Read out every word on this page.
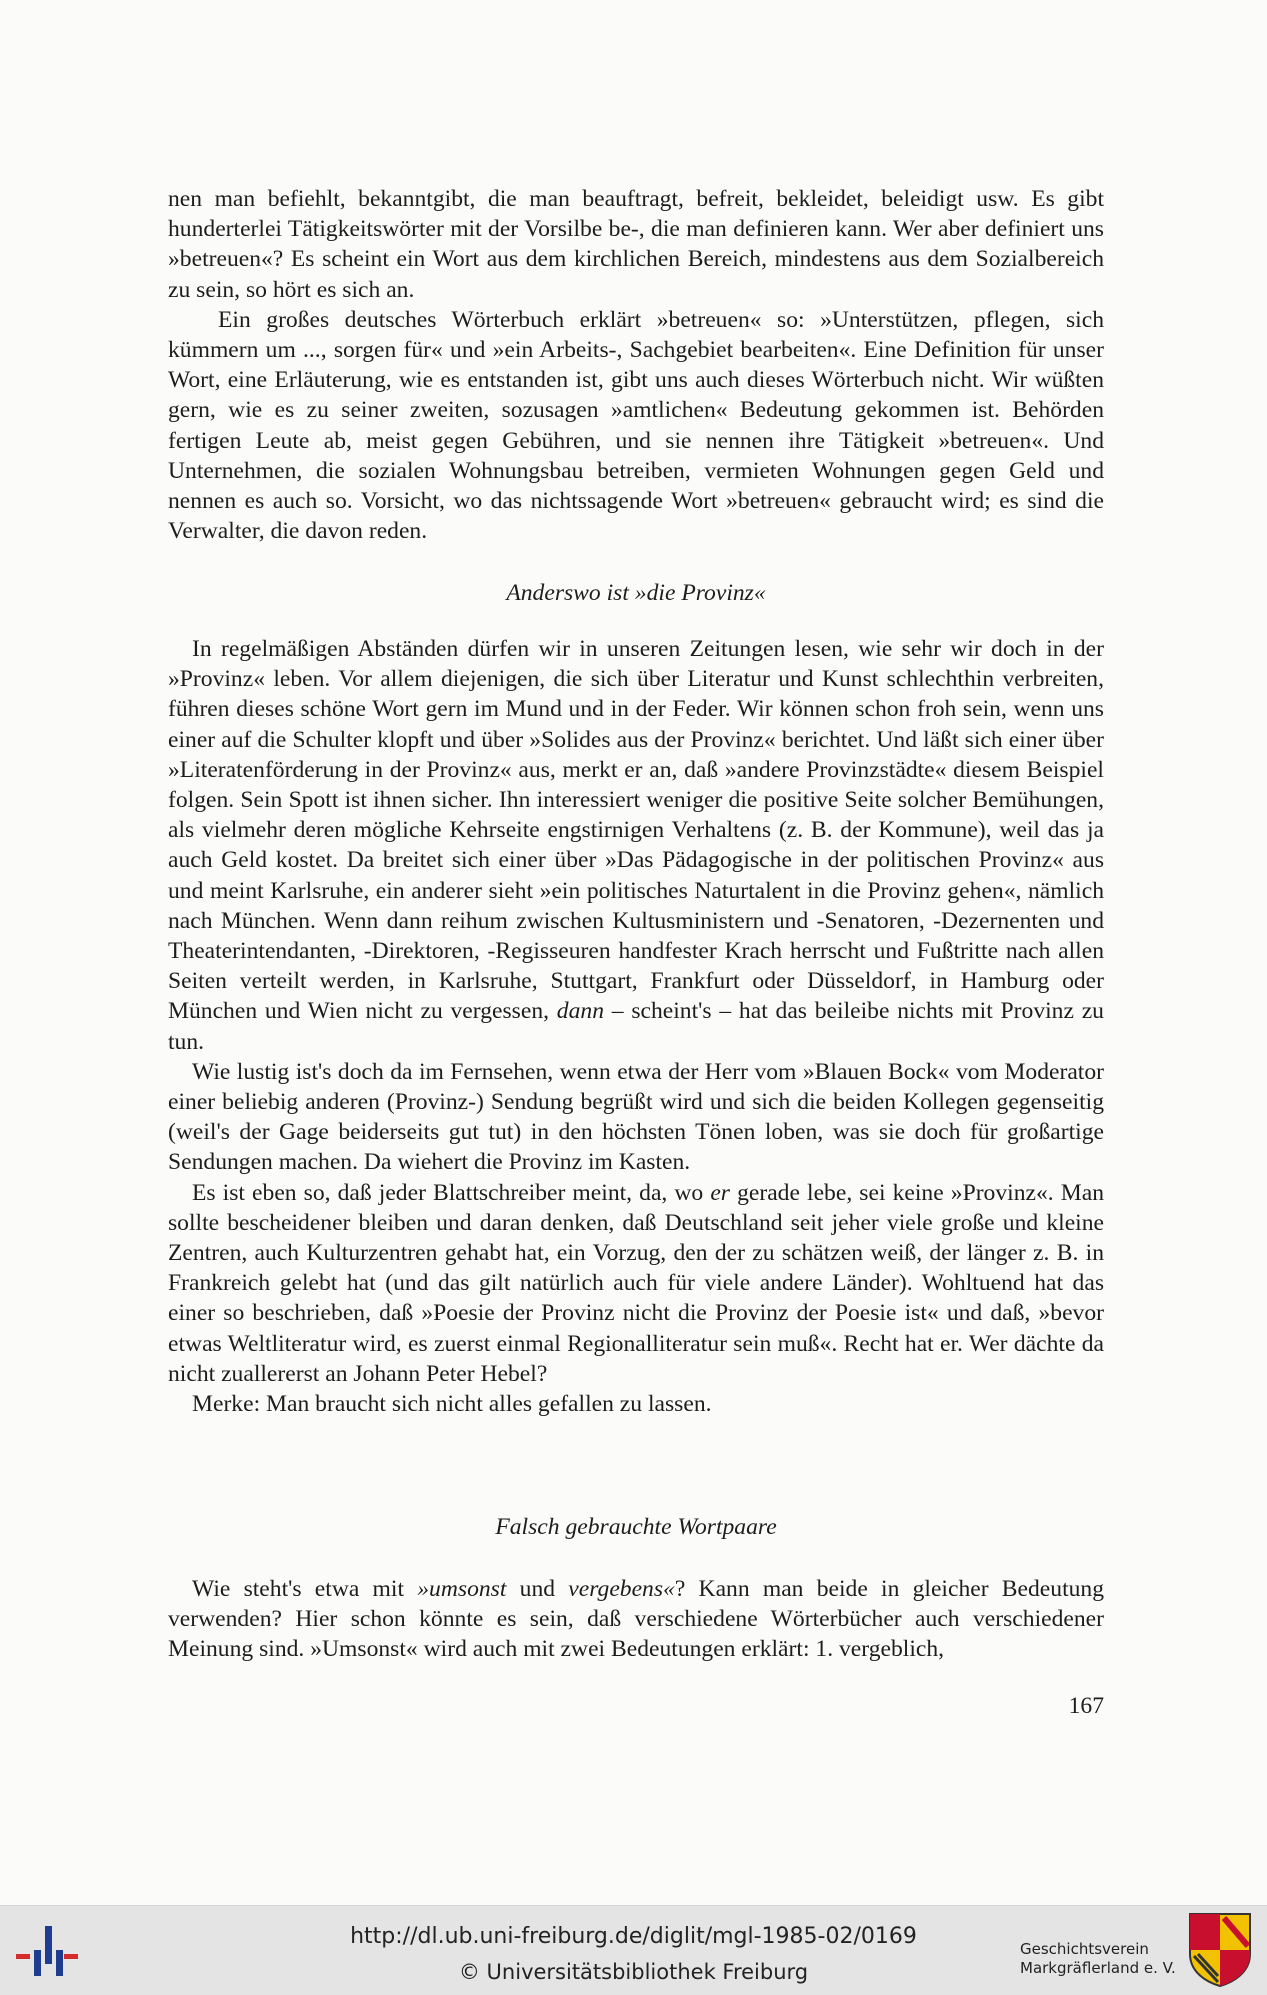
nen man befiehlt, bekanntgibt, die man beauftragt, befreit, bekleidet, beleidigt usw. Es gibt hunderterlei Tätigkeitswörter mit der Vorsilbe be-, die man definieren kann. Wer aber definiert uns »betreuen«? Es scheint ein Wort aus dem kirchlichen Bereich, mindestens aus dem Sozialbereich zu sein, so hört es sich an.

Ein großes deutsches Wörterbuch erklärt »betreuen« so: »Unterstützen, pflegen, sich kümmern um ..., sorgen für« und »ein Arbeits-, Sachgebiet bearbeiten«. Eine Definition für unser Wort, eine Erläuterung, wie es entstanden ist, gibt uns auch dieses Wörterbuch nicht. Wir wüßten gern, wie es zu seiner zweiten, sozusagen »amtlichen« Bedeutung gekommen ist. Behörden fertigen Leute ab, meist gegen Gebühren, und sie nennen ihre Tätigkeit »betreuen«. Und Unternehmen, die sozialen Wohnungsbau betreiben, vermieten Wohnungen gegen Geld und nennen es auch so. Vorsicht, wo das nichtssagende Wort »betreuen« gebraucht wird; es sind die Verwalter, die davon reden.

Anderswo ist »die Provinz«

In regelmäßigen Abständen dürfen wir in unseren Zeitungen lesen, wie sehr wir doch in der »Provinz« leben. Vor allem diejenigen, die sich über Literatur und Kunst schlechthin verbreiten, führen dieses schöne Wort gern im Mund und in der Feder. Wir können schon froh sein, wenn uns einer auf die Schulter klopft und über »Solides aus der Provinz« berichtet. Und läßt sich einer über »Literatenförderung in der Provinz« aus, merkt er an, daß »andere Provinzstädte« diesem Beispiel folgen. Sein Spott ist ihnen sicher. Ihn interessiert weniger die positive Seite solcher Bemühungen, als vielmehr deren mögliche Kehrseite engstirnigen Verhaltens (z. B. der Kommune), weil das ja auch Geld kostet. Da breitet sich einer über »Das Pädagogische in der politischen Provinz« aus und meint Karlsruhe, ein anderer sieht »ein politisches Naturtalent in die Provinz gehen«, nämlich nach München. Wenn dann reihum zwischen Kultusministern und -Senatoren, -Dezernenten und Theaterintendanten, -Direktoren, -Regisseuren handfester Krach herrscht und Fußtritte nach allen Seiten verteilt werden, in Karlsruhe, Stuttgart, Frankfurt oder Düsseldorf, in Hamburg oder München und Wien nicht zu vergessen, dann – scheint's – hat das beileibe nichts mit Provinz zu tun.

Wie lustig ist's doch da im Fernsehen, wenn etwa der Herr vom »Blauen Bock« vom Moderator einer beliebig anderen (Provinz-) Sendung begrüßt wird und sich die beiden Kollegen gegenseitig (weil's der Gage beiderseits gut tut) in den höchsten Tönen loben, was sie doch für großartige Sendungen machen. Da wiehert die Provinz im Kasten.

Es ist eben so, daß jeder Blattschreiber meint, da, wo er gerade lebe, sei keine »Provinz«. Man sollte bescheidener bleiben und daran denken, daß Deutschland seit jeher viele große und kleine Zentren, auch Kulturzentren gehabt hat, ein Vorzug, den der zu schätzen weiß, der länger z. B. in Frankreich gelebt hat (und das gilt natürlich auch für viele andere Länder). Wohltuend hat das einer so beschrieben, daß »Poesie der Provinz nicht die Provinz der Poesie ist« und daß, »bevor etwas Weltliteratur wird, es zuerst einmal Regionalliteratur sein muß«. Recht hat er. Wer dächte da nicht zuallererst an Johann Peter Hebel?

Merke: Man braucht sich nicht alles gefallen zu lassen.

Falsch gebrauchte Wortpaare

Wie steht's etwa mit »umsonst und vergebens«? Kann man beide in gleicher Bedeutung verwenden? Hier schon könnte es sein, daß verschiedene Wörterbücher auch verschiedener Meinung sind. »Umsonst« wird auch mit zwei Bedeutungen erklärt: 1. vergeblich,

167
http://dl.ub.uni-freiburg.de/diglit/mgl-1985-02/0169
© Universitätsbibliothek Freiburg
Geschichtsverein
Markgräflerland e. V.
